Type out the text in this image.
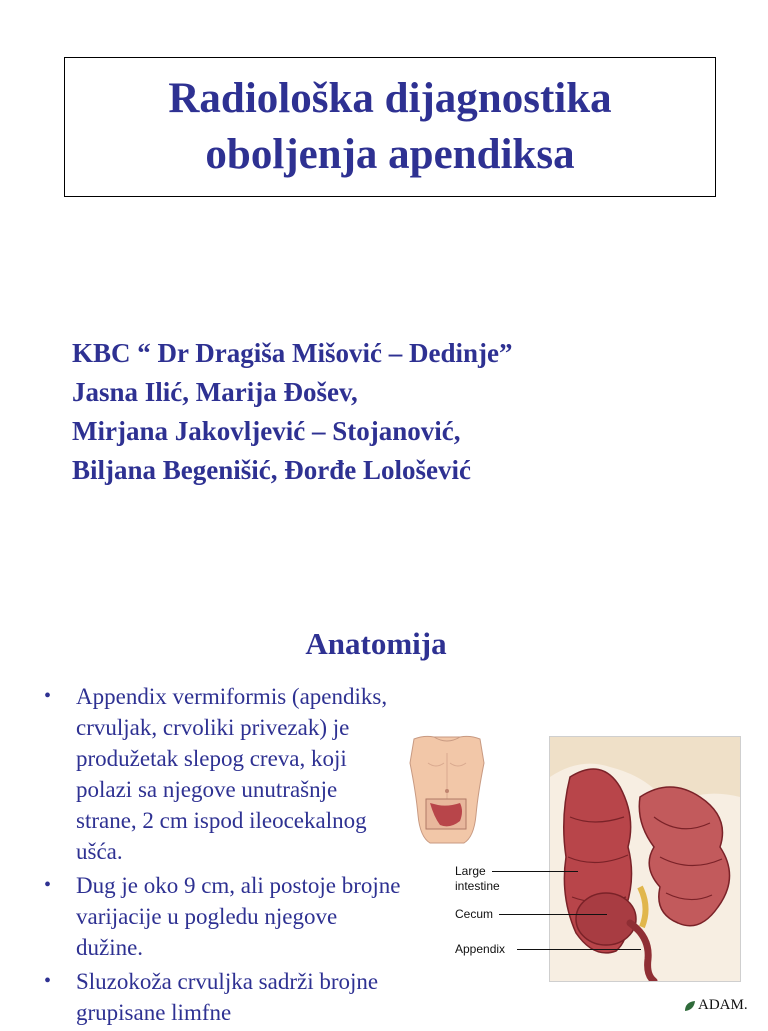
Radiološka dijagnostika
oboljenja apendiksa
KBC “ Dr Dragiša Mišović – Dedinje”
Jasna Ilić, Marija Đošev,
Mirjana Jakovljević – Stojanović,
Biljana Begenišić, Đorđe Lološević
Anatomija
• Appendix vermiformis (apendiks, crvuljak, crvoliki privezak) je produžetak slepog creva, koji polazi sa njegove unutrašnje strane, 2 cm ispod ileocekalnog ušća.
• Dug je oko 9 cm, ali postoje brojne varijacije u pogledu njegove dužine.
• Sluzokoža crvuljka sadrži brojne grupisane limfne
Large
intestine
Cecum
Appendix
ADAM.
